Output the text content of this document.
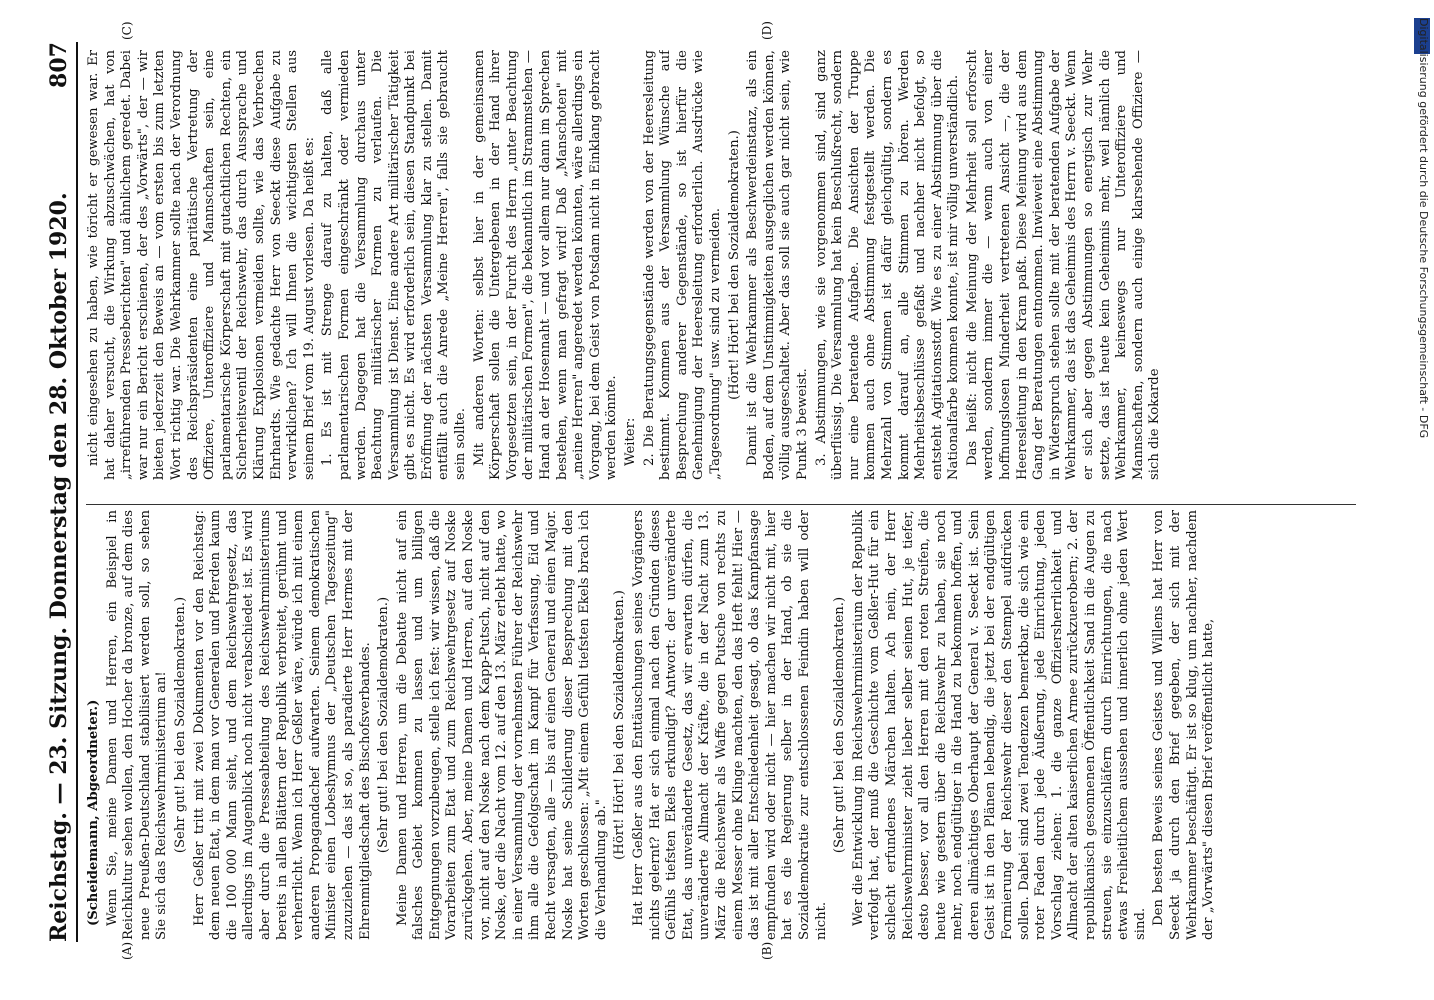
Reichstag. — 23. Sitzung. Donnerstag den 28. Oktober 1920.
807
(A)	(B)
(C)	(D)

(Scheidemann, Abgeordneter.) Wenn Sie, meine Damen und Herren, ein Beispiel in Reichkultur sehen wollen, den Hocher da bronze, auf dem dies neue Preußen-Deutschland stabilisiert werden soll, so sehen Sie sich das Reichswehrministerium an! (Sehr gut! bei den Sozialdemokraten.) Herr Geßler tritt mit zwei Dokumenten vor den Reichstag: dem neuen Etat, in dem man vor Generalen und Pferden kaum die 100 000 Mann sieht, und dem Reichswehrgesetz, das allerdings im Augenblick noch nicht verabschiedet ist. Es wird aber durch die Presseabteilung des Reichswehrministeriums bereits in allen Blättern der Republik verbreitet, gerühmt und verherrlicht. Wenn ich Herr Geßler wäre, würde ich mit einem anderen Propagandachef aufwarten. Seinem demokratischen Minister einen Lobeshymnus der „Deutschen Tageszeitung" zuzuziehen — das ist so, als paradierte Herr Hermes mit der Ehrenmitgliedschaft des Bischofsverbandes. (Sehr gut! bei den Sozialdemokraten.) Meine Damen und Herren, um die Debatte nicht auf ein falsches Gebiet kommen zu lassen und um billigen Entgegnungen vorzubeugen, stelle ich fest: wir wissen, daß die Vorarbeiten zum Etat und zum Reichswehrgesetz auf Noske zurückgehen. Aber, meine Damen und Herren, auf den Noske vor, nicht auf den Noske nach dem Kapp-Putsch, nicht auf den Noske, der die Nacht vom 12. auf den 13. März erlebt hatte, wo in einer Versammlung der vornehmsten Führer der Reichswehr ihm alle die Gefolgschaft im Kampf für Verfassung, Eid und Recht versagten, alle — bis auf einen General und einen Major. Noske hat seine Schilderung dieser Besprechung mit den Worten geschlossen: „Mit einem Gefühl tiefsten Ekels brach ich die Verhandlung ab."

(Hört! Hört! bei den Sozialdemokraten.) Hat Herr Geßler aus den Enttäuschungen seines Vorgängers nichts gelernt? Hat er sich einmal nach den Gründen dieses Gefühls tiefsten Ekels erkundigt? Antwort: der unveränderte Etat, das unveränderte Gesetz, das wir erwarten dürfen, die unveränderte Allmacht der Kräfte, die in der Nacht zum 13. März die Reichswehr als Waffe gegen Putsche von rechts zu einem Messer ohne Klinge machten, den das Heft fehlt! Hier — das ist mit aller Entschiedenheit gesagt, ob das Kampfansage empfunden wird oder nicht — hier machen wir nicht mit, hier hat es die Regierung selber in der Hand, ob sie die Sozialdemokratie zur entschlossenen Feindin haben will oder nicht.

(Sehr gut! bei den Sozialdemokraten.) Wer die Entwicklung im Reichswehrministerium der Republik verfolgt hat, der muß die Geschichte vom Geßler-Hut für ein schlecht erfundenes Märchen halten. Ach nein, der Herr Reichswehrminister zieht lieber selber seinen Hut, je tiefer, desto besser, vor all den Herren mit den roten Streifen, die heute wie gestern über die Reichswehr zu haben, sie noch mehr, noch endgültiger in die Hand zu bekommen hoffen, und deren allmächtiges Oberhaupt der General v. Seeckt ist. Sein Geist ist in den Plänen lebendig, die jetzt bei der endgültigen Formierung der Reichswehr dieser den Stempel aufdrücken sollen. Dabei sind zwei Tendenzen bemerkbar, die sich wie ein roter Faden durch jede Äußerung, jede Einrichtung, jeden Vorschlag ziehen: 1. die ganze Offiziersherrlichkeit und Allmacht der alten kaiserlichen Armee zurückzuerobern; 2. der republikanisch gesonnenen Öffentlichkeit Sand in die Augen zu streuen, sie einzuschläfern durch Einrichtungen, die nach etwas Freiheitlichem aussehen und innerlich ohne jeden Wert sind. Den besten Beweis seines Geistes und Willens hat Herr von Seeckt ja durch den Brief gegeben, der sich mit der Wehrkammer beschäftigt. Er ist so klug, um nachher, nachdem der „Vorwärts" diesen Brief veröffentlicht hatte,

nicht eingesehen zu haben, wie töricht er gewesen war. Er hat daher versucht, die Wirkung abzuschwächen, hat von „irreführenden Presseberichten" und ähnlichem geredet. Dabei war nur ein Bericht erschienen, der des „Vorwärts", der — wir bieten jederzeit den Beweis an — vom ersten bis zum letzten Wort richtig war. Die Wehrkammer sollte nach der Verordnung des Reichspräsidenten eine paritätische Vertretung der Offiziere, Unteroffiziere und Mannschaften sein, eine parlamentarische Körperschaft mit gutachtlichen Rechten, ein Sicherheitsventil der Reichswehr, das durch Aussprache und Klärung Explosionen vermeiden sollte, wie das Verbrechen Ehrhardts. Wie gedachte Herr von Seeckt diese Aufgabe zu verwirklichen? Ich will Ihnen die wichtigsten Stellen aus seinem Brief vom 19. August vorlesen. Da heißt es: 1. Es ist mit Strenge darauf zu halten, daß alle parlamentarischen Formen eingeschränkt oder vermieden werden. Dagegen hat die Versammlung durchaus unter Beachtung militärischer Formen zu verlaufen. Die Versammlung ist Dienst. Eine andere Art militärischer Tätigkeit gibt es nicht. Es wird erforderlich sein, diesen Standpunkt bei Eröffnung der nächsten Versammlung klar zu stellen. Damit entfällt auch die Anrede „Meine Herren", falls sie gebraucht sein sollte. Mit anderen Worten: selbst hier in der gemeinsamen Körperschaft sollen die Untergebenen in der Hand ihrer Vorgesetzten sein, in der Furcht des Herrn „unter Beachtung der militärischen Formen", die bekanntlich im Strammstehen — Hand an der Hosennaht — und vor allem nur dann im Sprechen bestehen, wenn man gefragt wird! Daß „Manschoten" mit „meine Herren" angeredet werden könnten, wäre allerdings ein Vorgang, bei dem Geist von Potsdam nicht in Einklang gebracht werden könnte. Weiter: 2. Die Beratungsgegenstände werden von der Heeresleitung bestimmt. Kommen aus der Versammlung Wünsche auf Besprechung anderer Gegenstände, so ist hierfür die Genehmigung der Heeresleitung erforderlich. Ausdrücke wie „Tagesordnung" usw. sind zu vermeiden. (Hört! Hört! bei den Sozialdemokraten.) Damit ist die Wehrkammer als Beschwerdeinstanz, als ein Boden, auf dem Unstimmigkeiten ausgeglichen werden können, völlig ausgeschaltet. Aber das soll sie auch gar nicht sein, wie Punkt 3 beweist. 3. Abstimmungen, wie sie vorgenommen sind, sind ganz überflüssig. Die Versammlung hat kein Beschlußrecht, sondern nur eine beratende Aufgabe. Die Ansichten der Truppe kommen auch ohne Abstimmung festgestellt werden. Die Mehrzahl von Stimmen ist dafür gleichgültig, sondern es kommt darauf an, alle Stimmen zu hören. Werden Mehrheitsbeschlüsse gefaßt und nachher nicht befolgt, so entsteht Agitationsstoff. Wie es zu einer Abstimmung über die Nationalfarbe kommen konnte, ist mir völlig unverständlich. Das heißt: nicht die Meinung der Mehrheit soll erforscht werden, sondern immer die — wenn auch von einer hoffnungslosen Minderheit vertretenen Ansicht —, die der Heeresleitung in den Kram paßt. Diese Meinung wird aus dem Gang der Beratungen entnommen. Inwieweit eine Abstimmung in Widerspruch stehen sollte mit der beratenden Aufgabe der Wehrkammer, das ist das Geheimnis des Herrn v. Seeckt. Wenn er sich aber gegen Abstimmungen so energisch zur Wehr setzte, das ist heute kein Geheimnis mehr, weil nämlich die Wehrkammer, keineswegs nur Unteroffiziere und Mannschaften, sondern auch einige klarsehende Offiziere — sich die Kokarde	Digitalisierung gefördert durch die Deutsche Forschungsgemeinschaft - DFG
